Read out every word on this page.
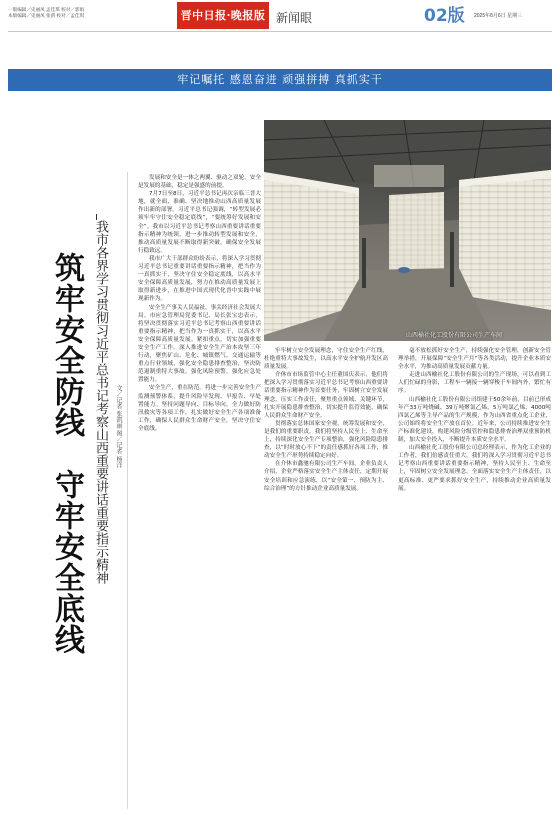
一版编辑／史丽凤 孟佳琪 校对／郭娟
本版编辑／史丽凤 张渭 校对／孟佳琪	晋中日报·晚报版 新闻眼	02版	2025年8月6日 星期三
牢记嘱托 感恩奋进 顽强拼搏 真抓实干
筑牢安全防线　守牢安全底线 我市各界学习贯彻习近平总书记考察山西重要讲话重要指示精神	文／记者 张凯丽 图／记者 杨洋

发展和安全是一体之两翼、驱动之双轮。安全是发展的基础，稳定是强盛的前提。

7月7日至8日，习近平总书记再次亲临三晋大地，就全面、准确、坚决地推动山西高质量发展作出新的部署。习近平总书记强调，“转型发展必须牢牢守住安全稳定底线”，“要统筹好发展和安全”。我市以习近平总书记考察山西重要讲话重要指示精神为统领，进一步推动转型发展和安全，推动高质量发展不断取得新突破，确保安全发展行稳致远。

我市广大干部群众纷纷表示，将深入学习贯彻习近平总书记重要讲话重要指示精神，把当作为一真抓实干，坚决守住安全稳定底线，以高水平安全保障高质量发展，努力在推动高质量发展上取得新进步，在推进中国式现代化晋中实践中展现新作为。

安全生产事关人民福祉，事关经济社会发展大局。市应急管理局党委书记、局长张宝忠表示，将坚决贯彻落实习近平总书记考察山西重要讲话重要指示精神，把当作为一真抓实干，以高水平安全保障高质量发展。紧扣重点，切实加强重要安全生产工作。深入推进安全生产治本攻坚三年行动，聚焦矿山、危化、城镇燃气、交通运输等重点行业领域，强化安全隐患排查整治，坚决防范遏制重特大事故。强化风险预警，强化应急处置能力。

安全生产，重在防范。将进一步完善安全生产监测预警体系，提升风险早发现、早报告、早处置能力。坚持问题导向、目标导向，全力做好防汛救灾等各项工作，扎实做好安全生产各项准备工作，确保人民群众生命财产安全，坚决守住安全底线。

山西榆社化工股份有限公司生产车间

牢牢树立安全发展理念，守住安全生产红线，杜绝重特大事故发生，以高水平安全护航开发区高质量发展。

介休市市场监管中心主任董国庆表示，他们将把深入学习贯彻落实习近平总书记考察山西重要讲话重要指示精神作为首要任务，牢固树立安全发展理念，压实工作责任，聚焦重点领域、关键环节，扎实开展隐患排查整治，切实提升监管效能，确保人民群众生命财产安全。

贯彻落实总体国家安全观，统筹发展和安全，是我们的重要职责。我们将坚持人民至上、生命至上，持续深化安全生产专项整治，强化风险隐患排查，以“时时放心不下”的责任感抓好各项工作，推动安全生产形势持续稳定向好。

在介休市鑫驰有限公司生产车间，企业负责人介绍，企业严格落实安全生产主体责任，定期开展安全培训和应急演练，以“安全第一、预防为主、综合治理”的方针推动企业高质量发展。

毫不放松抓好安全生产，持续强化安全管理，创新安全管理举措，开展保障“安全生产月”等各类活动，提升企业本质安全水平，为推动高质量发展贡献力量。

走进山西榆社化工股份有限公司的生产现场，可以看到工人们忙碌的身影，工程车一辆接一辆穿梭于车间内外，繁忙有序。

山西榆社化工股份有限公司组建于50余年前，目前已形成年产33万吨烧碱、39万吨聚氯乙烯、5万吨氯乙烯、4000吨四氯乙烯等主导产品的生产规模，作为山西省重点化工企业，公司始终将安全生产放在首位。近年来，公司持续推进安全生产标准化建设，构建风险分级管控和隐患排查治理双重预防机制，加大安全投入，不断提升本质安全水平。

山西榆社化工股份有限公司总经理表示，作为化工企业的工作者，我们倍感责任重大。我们将深入学习贯彻习近平总书记考察山西重要讲话重要指示精神，坚持人民至上、生命至上，牢固树立安全发展理念，全面落实安全生产主体责任，以更高标准、更严要求抓好安全生产，持续推动企业高质量发展。
